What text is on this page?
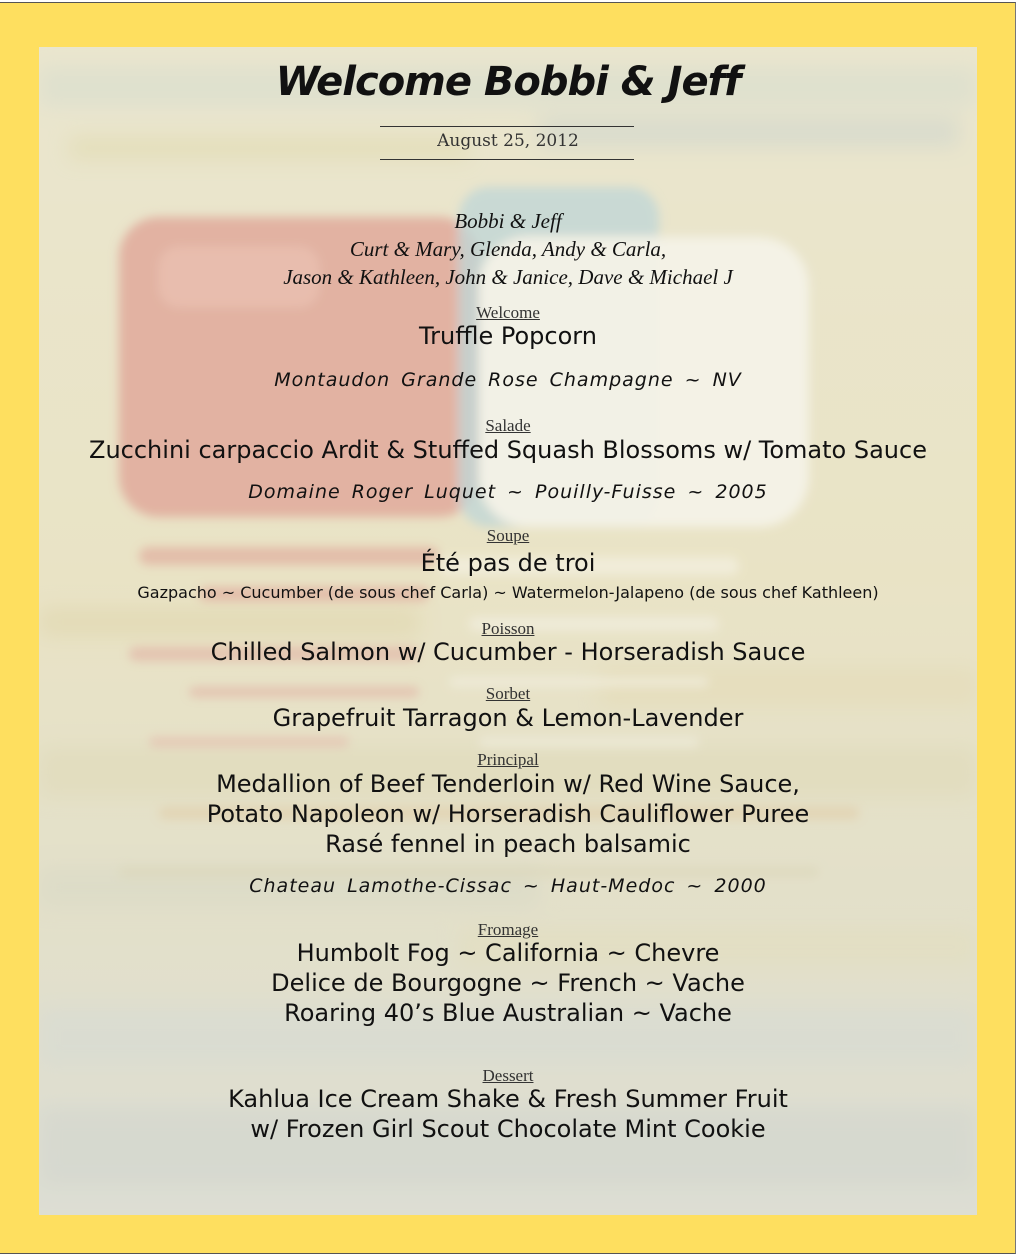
Welcome Bobbi & Jeff
August 25, 2012
Bobbi & Jeff
Curt & Mary, Glenda, Andy & Carla,
Jason & Kathleen, John & Janice, Dave & Michael J
Welcome
Truffle Popcorn
Montaudon Grande Rose Champagne ~ NV
Salade
Zucchini carpaccio Ardit & Stuffed Squash Blossoms w/ Tomato Sauce
Domaine Roger Luquet ~ Pouilly-Fuisse ~ 2005
Soupe
Été pas de troi
Gazpacho ~ Cucumber (de sous chef Carla) ~ Watermelon-Jalapeno (de sous chef Kathleen)
Poisson
Chilled Salmon w/ Cucumber - Horseradish Sauce
Sorbet
Grapefruit Tarragon & Lemon-Lavender
Principal
Medallion of Beef Tenderloin w/ Red Wine Sauce,
Potato Napoleon w/ Horseradish Cauliflower Puree
Rasé fennel in peach balsamic
Chateau Lamothe-Cissac ~ Haut-Medoc ~ 2000
Fromage
Humbolt Fog ~ California ~ Chevre
Delice de Bourgogne ~ French ~ Vache
Roaring 40’s Blue Australian ~ Vache
Dessert
Kahlua Ice Cream Shake & Fresh Summer Fruit
w/ Frozen Girl Scout Chocolate Mint Cookie
